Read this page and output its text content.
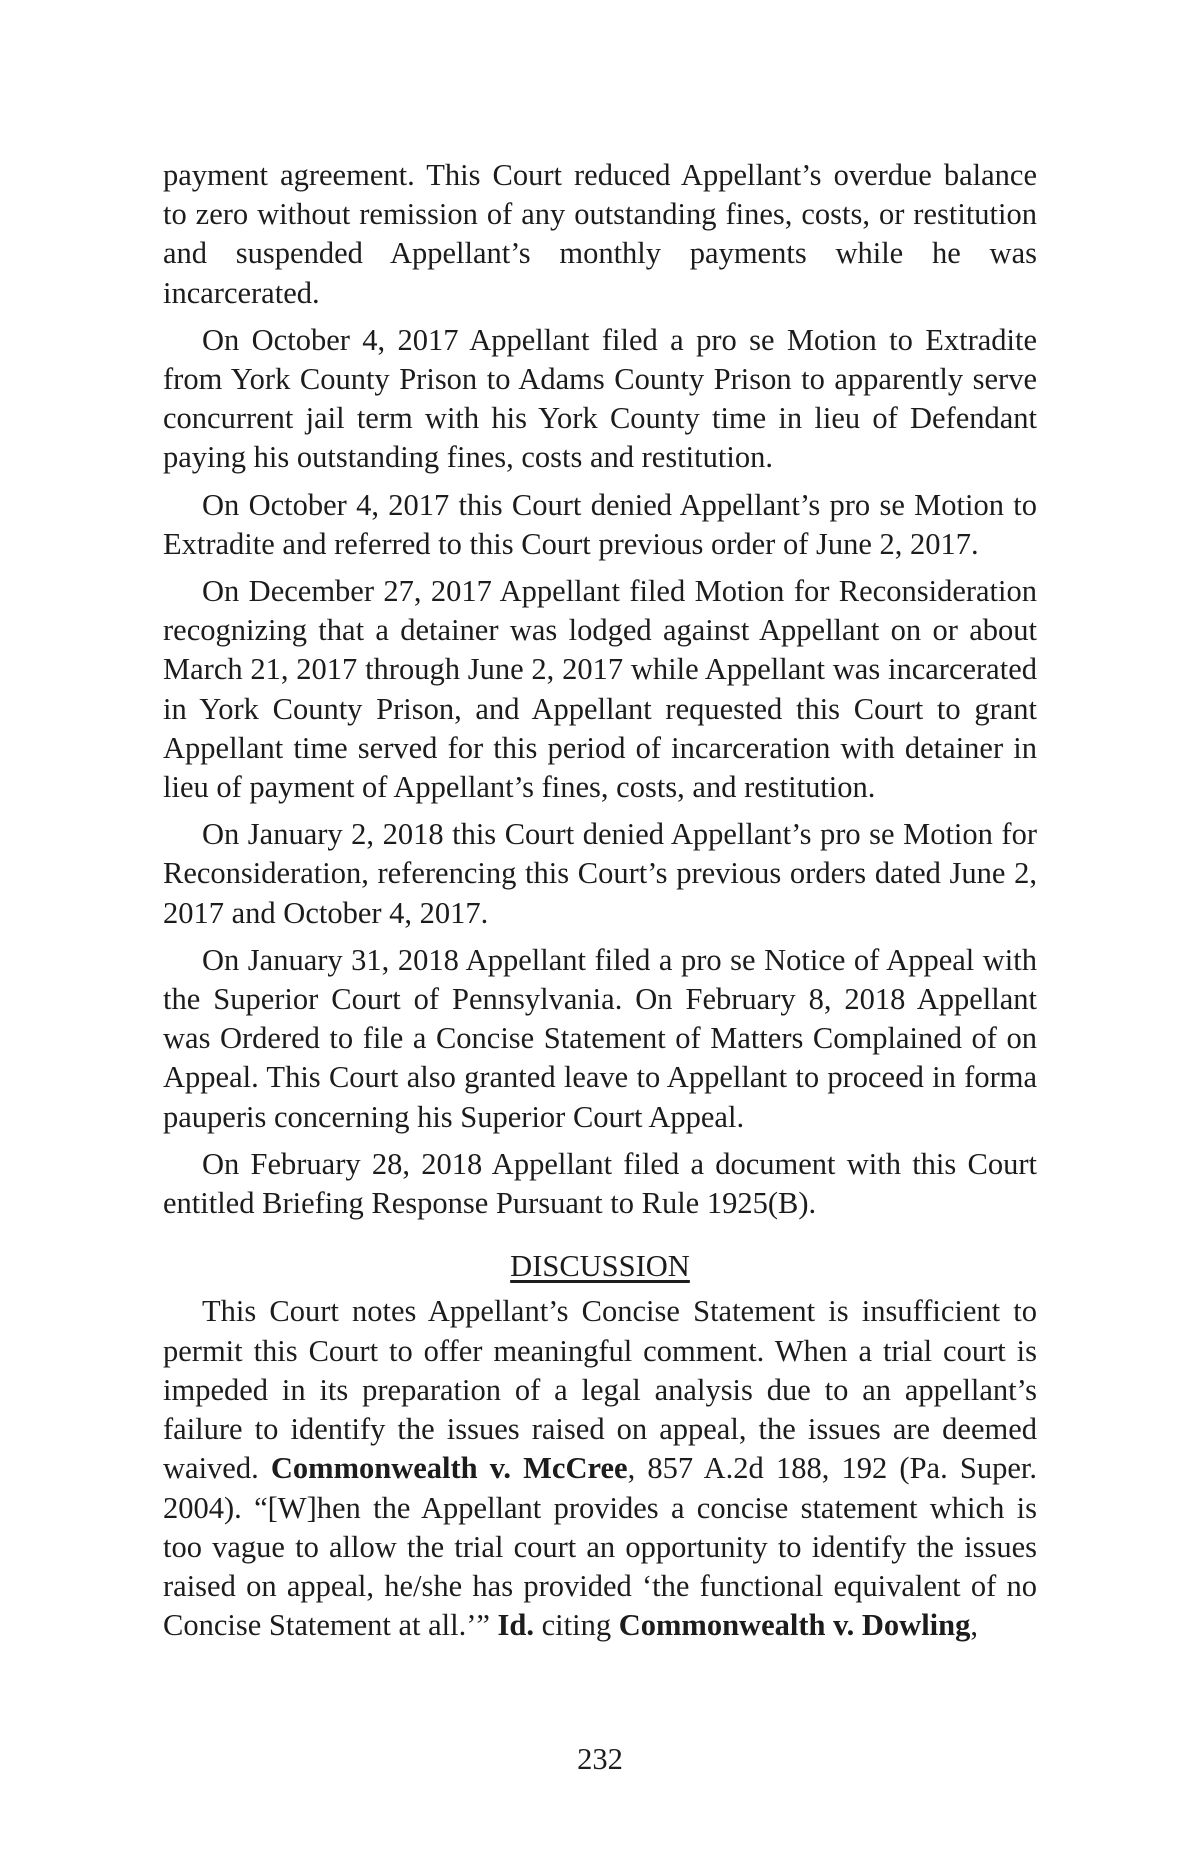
payment agreement. This Court reduced Appellant’s overdue balance to zero without remission of any outstanding fines, costs, or restitution and suspended Appellant’s monthly payments while he was incarcerated.

On October 4, 2017 Appellant filed a pro se Motion to Extradite from York County Prison to Adams County Prison to apparently serve concurrent jail term with his York County time in lieu of Defendant paying his outstanding fines, costs and restitution.

On October 4, 2017 this Court denied Appellant’s pro se Motion to Extradite and referred to this Court previous order of June 2, 2017.

On December 27, 2017 Appellant filed Motion for Reconsideration recognizing that a detainer was lodged against Appellant on or about March 21, 2017 through June 2, 2017 while Appellant was incarcerated in York County Prison, and Appellant requested this Court to grant Appellant time served for this period of incarceration with detainer in lieu of payment of Appellant’s fines, costs, and restitution.

On January 2, 2018 this Court denied Appellant’s pro se Motion for Reconsideration, referencing this Court’s previous orders dated June 2, 2017 and October 4, 2017.

On January 31, 2018 Appellant filed a pro se Notice of Appeal with the Superior Court of Pennsylvania. On February 8, 2018 Appellant was Ordered to file a Concise Statement of Matters Complained of on Appeal. This Court also granted leave to Appellant to proceed in forma pauperis concerning his Superior Court Appeal.

On February 28, 2018 Appellant filed a document with this Court entitled Briefing Response Pursuant to Rule 1925(B).

DISCUSSION

This Court notes Appellant’s Concise Statement is insufficient to permit this Court to offer meaningful comment. When a trial court is impeded in its preparation of a legal analysis due to an appellant’s failure to identify the issues raised on appeal, the issues are deemed waived. Commonwealth v. McCree, 857 A.2d 188, 192 (Pa. Super. 2004). “[W]hen the Appellant provides a concise statement which is too vague to allow the trial court an opportunity to identify the issues raised on appeal, he/she has provided ‘the functional equivalent of no Concise Statement at all.’” Id. citing Commonwealth v. Dowling,

232
